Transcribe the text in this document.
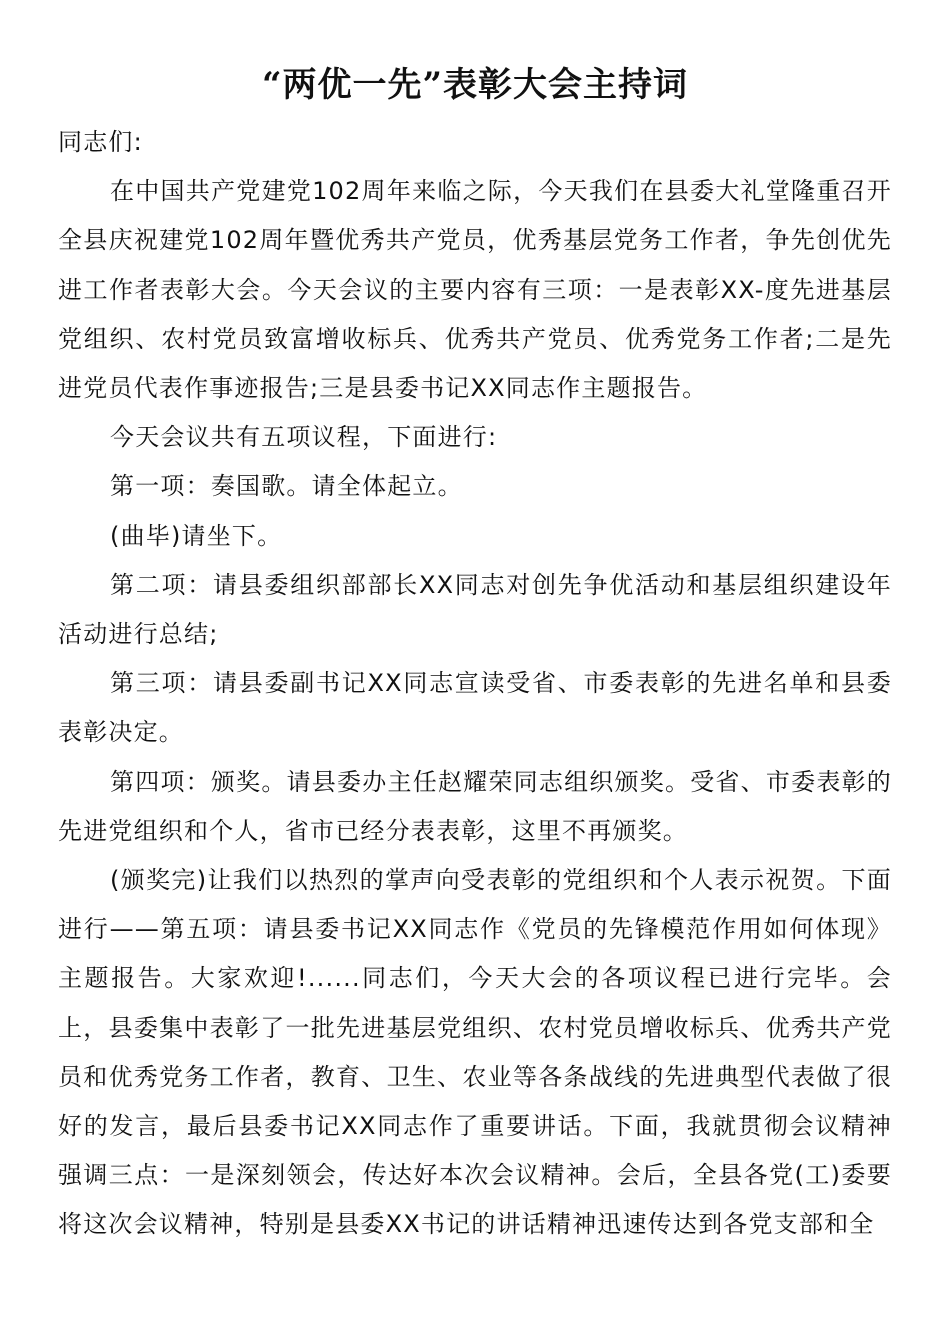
“两优一先”表彰大会主持词

同志们:

在中国共产党建党102周年来临之际，今天我们在县委大礼堂隆重召开全县庆祝建党102周年暨优秀共产党员，优秀基层党务工作者，争先创优先进工作者表彰大会。今天会议的主要内容有三项：一是表彰XX-度先进基层党组织、农村党员致富增收标兵、优秀共产党员、优秀党务工作者;二是先进党员代表作事迹报告;三是县委书记XX同志作主题报告。

今天会议共有五项议程，下面进行:

第一项：奏国歌。请全体起立。

(曲毕)请坐下。

第二项：请县委组织部部长XX同志对创先争优活动和基层组织建设年活动进行总结;

第三项：请县委副书记XX同志宣读受省、市委表彰的先进名单和县委表彰决定。

第四项：颁奖。请县委办主任赵耀荣同志组织颁奖。受省、市委表彰的先进党组织和个人，省市已经分表表彰，这里不再颁奖。

(颁奖完)让我们以热烈的掌声向受表彰的党组织和个人表示祝贺。下面进行——第五项：请县委书记XX同志作《党员的先锋模范作用如何体现》主题报告。大家欢迎!......同志们，今天大会的各项议程已进行完毕。会上，县委集中表彰了一批先进基层党组织、农村党员增收标兵、优秀共产党员和优秀党务工作者，教育、卫生、农业等各条战线的先进典型代表做了很好的发言，最后县委书记XX同志作了重要讲话。下面，我就贯彻会议精神强调三点：一是深刻领会，传达好本次会议精神。会后，全县各党(工)委要将这次会议精神，特别是县委XX书记的讲话精神迅速传达到各党支部和全
